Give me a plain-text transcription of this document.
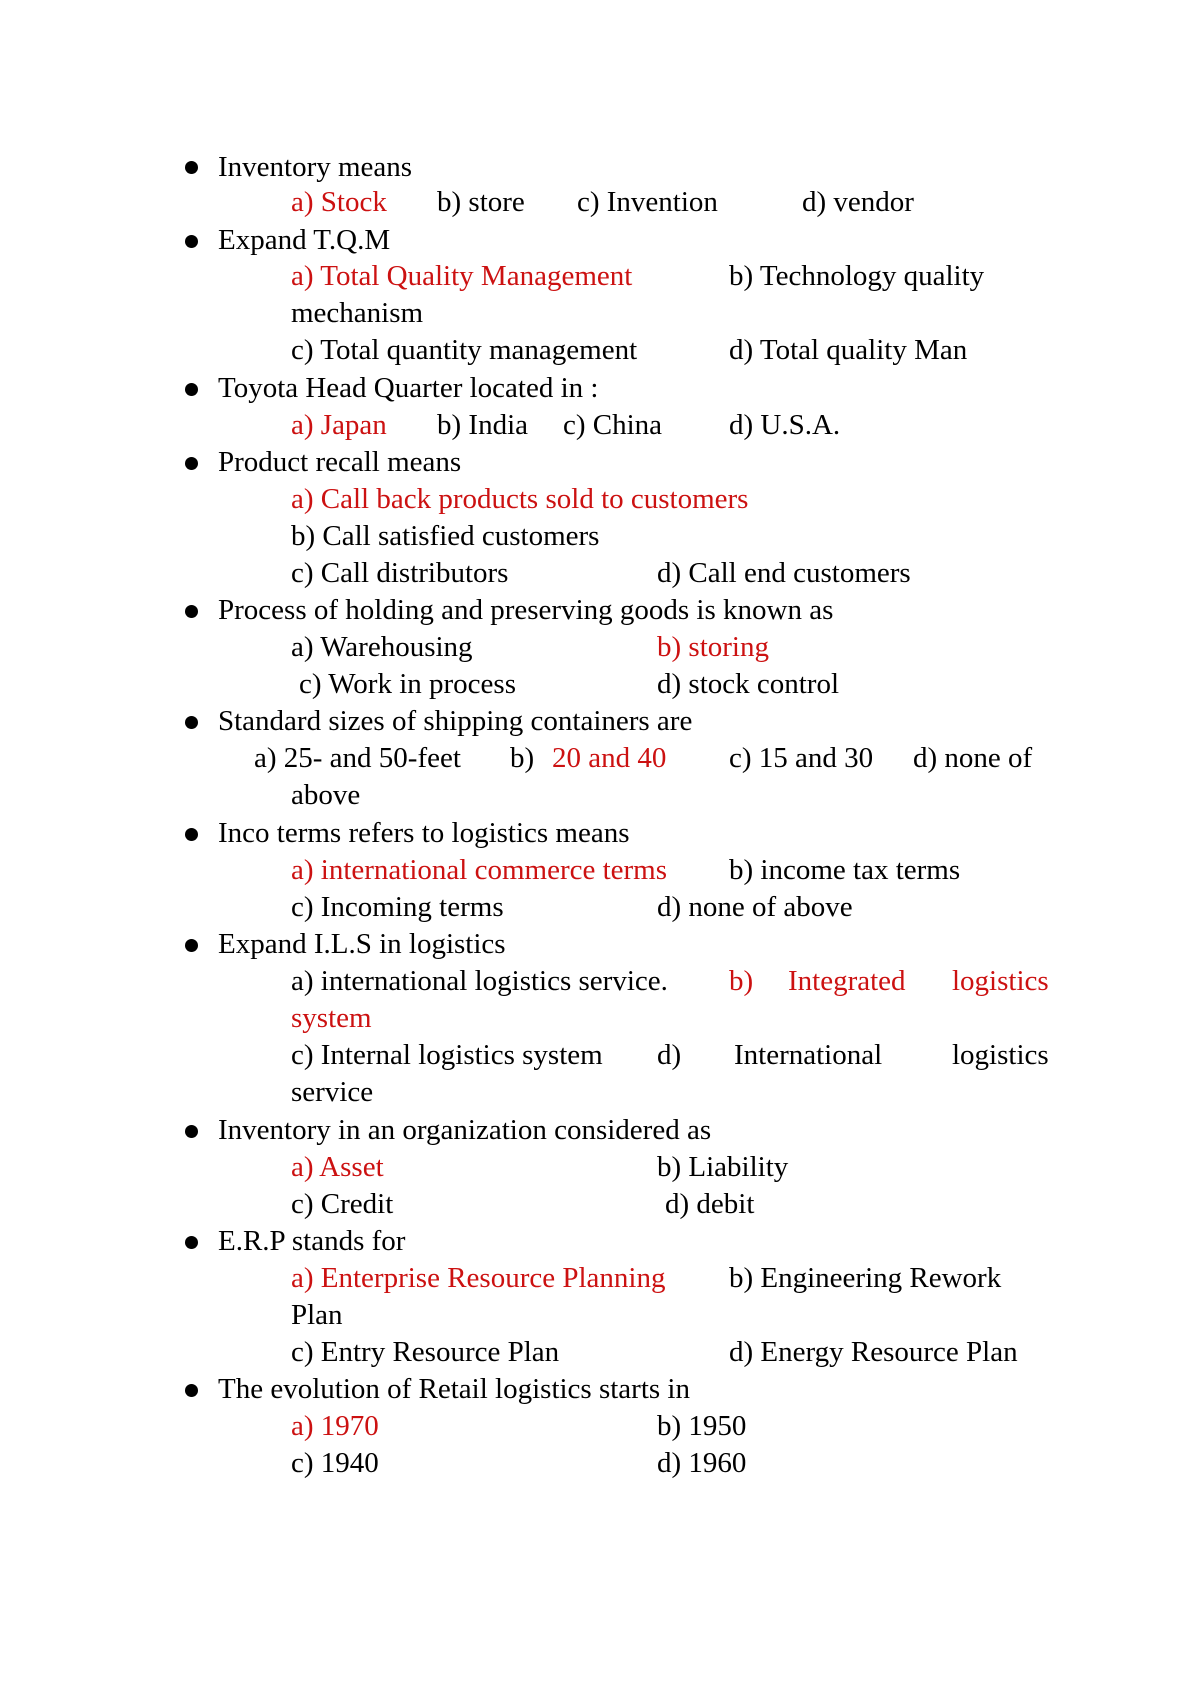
Inventory means
a) Stock b) store c) Invention	d) vendor
Expand T.Q.M
a) Total Quality Management	b) Technology quality
mechanism
c) Total quantity management	d) Total quality Man
Toyota Head Quarter located in :
a) Japan b) India c) China d) U.S.A.
Product recall means
a) Call back products sold to customers
b) Call satisfied customers
c) Call distributors	d) Call end customers
Process of holding and preserving goods is known as
a) Warehousing	b) storing
c) Work in process	d) stock control
Standard sizes of shipping containers are
a) 25- and 50-feet b) 20 and 40 c) 15 and 30 d) none of
above
Inco terms refers to logistics means
a) international commerce terms b) income tax terms
c) Incoming terms	d) none of above
Expand I.L.S in logistics
a) international logistics service. b) Integrated logistics
system
c) Internal logistics system d) International logistics
service
Inventory in an organization considered as
a) Asset	b) Liability
c) Credit	d) debit
E.R.P stands for
a) Enterprise Resource Planning b) Engineering Rework
Plan
c) Entry Resource Plan	d) Energy Resource Plan
The evolution of Retail logistics starts in
a) 1970	b) 1950
c) 1940	d) 1960
